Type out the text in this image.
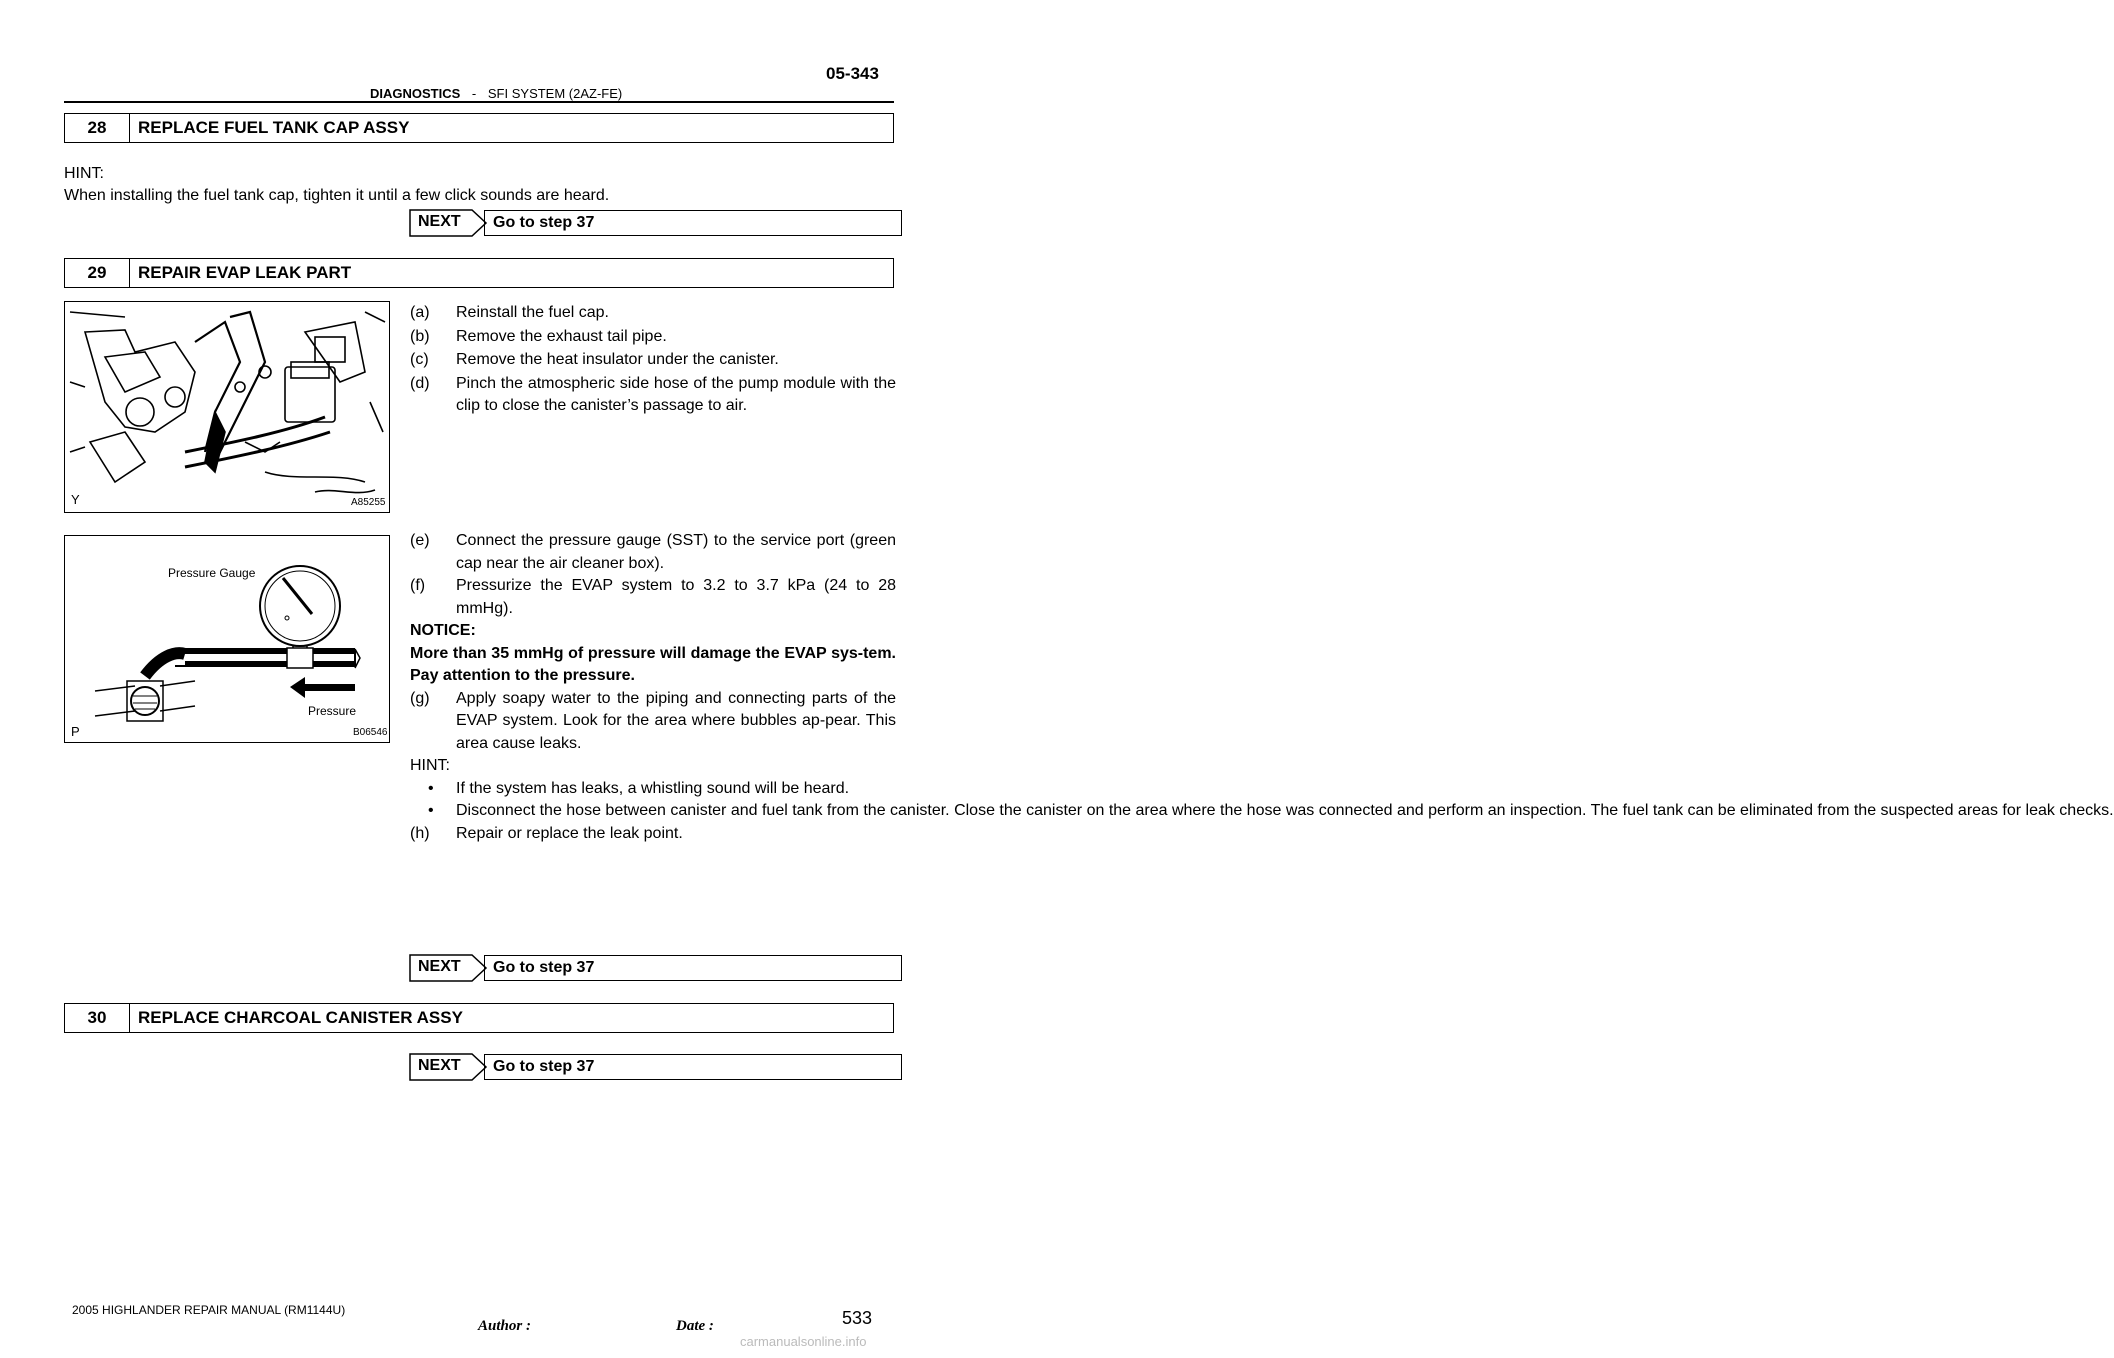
05-343
DIAGNOSTICS - SFI SYSTEM (2AZ-FE)
28	REPLACE FUEL TANK CAP ASSY
HINT:
When installing the fuel tank cap, tighten it until a few click sounds are heard.
NEXT	Go to step 37
29	REPAIR EVAP LEAK PART
Y	A85255
(a)	Reinstall the fuel cap.
(b)	Remove the exhaust tail pipe.
(c)	Remove the heat insulator under the canister.
(d)	Pinch the atmospheric side hose of the pump module with the clip to close the canister’s passage to air.
Pressure Gauge
Pressure
P	B06546
(e)	Connect the pressure gauge (SST) to the service port (green cap near the air cleaner box).
(f)	Pressurize the EVAP system to 3.2 to 3.7 kPa (24 to 28 mmHg).
NOTICE:
More than 35 mmHg of pressure will damage the EVAP sys-tem. Pay attention to the pressure.
(g)	Apply soapy water to the piping and connecting parts of the EVAP system. Look for the area where bubbles ap-pear. This area cause leaks.
HINT:
•	If the system has leaks, a whistling sound will be heard.
•	Disconnect the hose between canister and fuel tank from the canister. Close the canister on the area where the hose was connected and perform an inspection. The fuel tank can be eliminated from the suspected areas for leak checks.
(h)	Repair or replace the leak point.
NEXT	Go to step 37
30	REPLACE CHARCOAL CANISTER ASSY
NEXT	Go to step 37
2005 HIGHLANDER REPAIR MANUAL (RM1144U)
Author :	Date :	533
carmanualsonline.info
